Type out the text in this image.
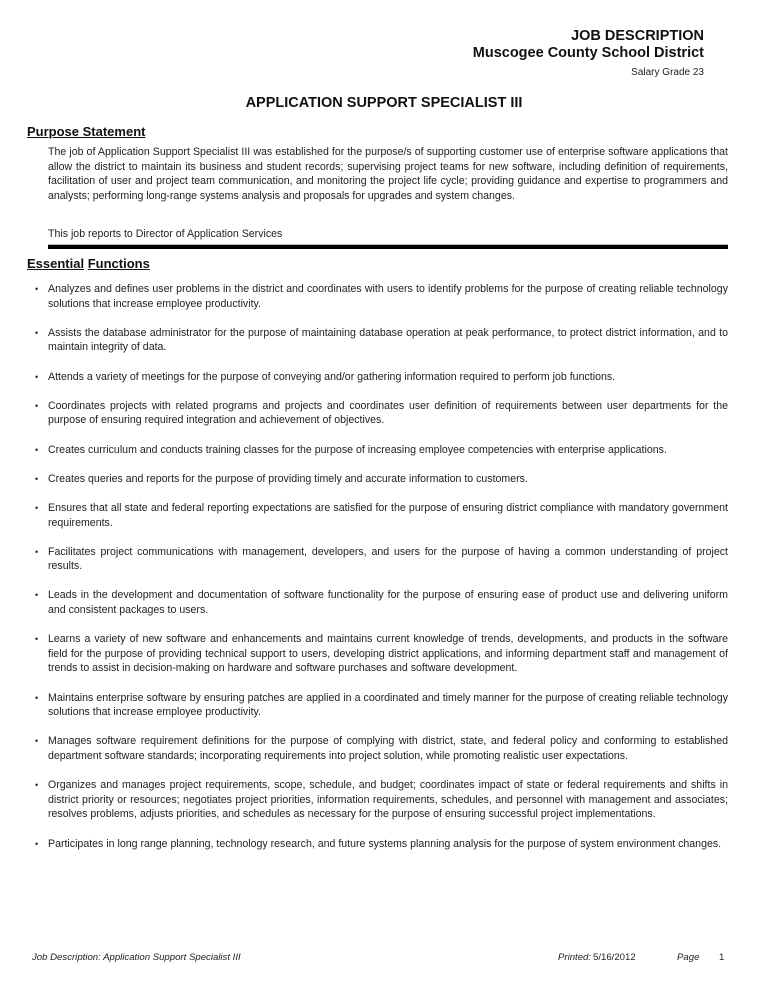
JOB DESCRIPTION
Muscogee County School District
Salary Grade 23
APPLICATION SUPPORT SPECIALIST III
Purpose Statement
The job of Application Support Specialist III was established for the purpose/s of supporting customer use of enterprise software applications that allow the district to maintain its business and student records; supervising project teams for new software, including definition of requirements, facilitation of user and project team communication, and monitoring the project life cycle; providing guidance and expertise to programmers and analysts; performing long-range systems analysis and proposals for upgrades and system changes.
This job reports to Director of Application Services
Essential Functions
• Analyzes and defines user problems in the district and coordinates with users to identify problems for the purpose of creating reliable technology solutions that increase employee productivity.
• Assists the database administrator for the purpose of maintaining database operation at peak performance, to protect district information, and to maintain integrity of data.
• Attends a variety of meetings for the purpose of conveying and/or gathering information required to perform job functions.
• Coordinates projects with related programs and projects and coordinates user definition of requirements between user departments for the purpose of ensuring required integration and achievement of objectives.
• Creates curriculum and conducts training classes for the purpose of increasing employee competencies with enterprise applications.
• Creates queries and reports for the purpose of providing timely and accurate information to customers.
• Ensures that all state and federal reporting expectations are satisfied for the purpose of ensuring district compliance with mandatory government requirements.
• Facilitates project communications with management, developers, and users for the purpose of having a common understanding of project results.
• Leads in the development and documentation of software functionality for the purpose of ensuring ease of product use and delivering uniform and consistent packages to users.
• Learns a variety of new software and enhancements and maintains current knowledge of trends, developments, and products in the software field for the purpose of providing technical support to users, developing district applications, and informing department staff and management of trends to assist in decision-making on hardware and software purchases and software development.
• Maintains enterprise software by ensuring patches are applied in a coordinated and timely manner for the purpose of creating reliable technology solutions that increase employee productivity.
• Manages software requirement definitions for the purpose of complying with district, state, and federal policy and conforming to established department software standards; incorporating requirements into project solution, while promoting realistic user expectations.
• Organizes and manages project requirements, scope, schedule, and budget; coordinates impact of state or federal requirements and shifts in district priority or resources; negotiates project priorities, information requirements, schedules, and personnel with management and associates; resolves problems, adjusts priorities, and schedules as necessary for the purpose of ensuring successful project implementations.
• Participates in long range planning, technology research, and future systems planning analysis for the purpose of system environment changes.
Job Description: Application Support Specialist III	Printed: 5/16/2012	Page 1
